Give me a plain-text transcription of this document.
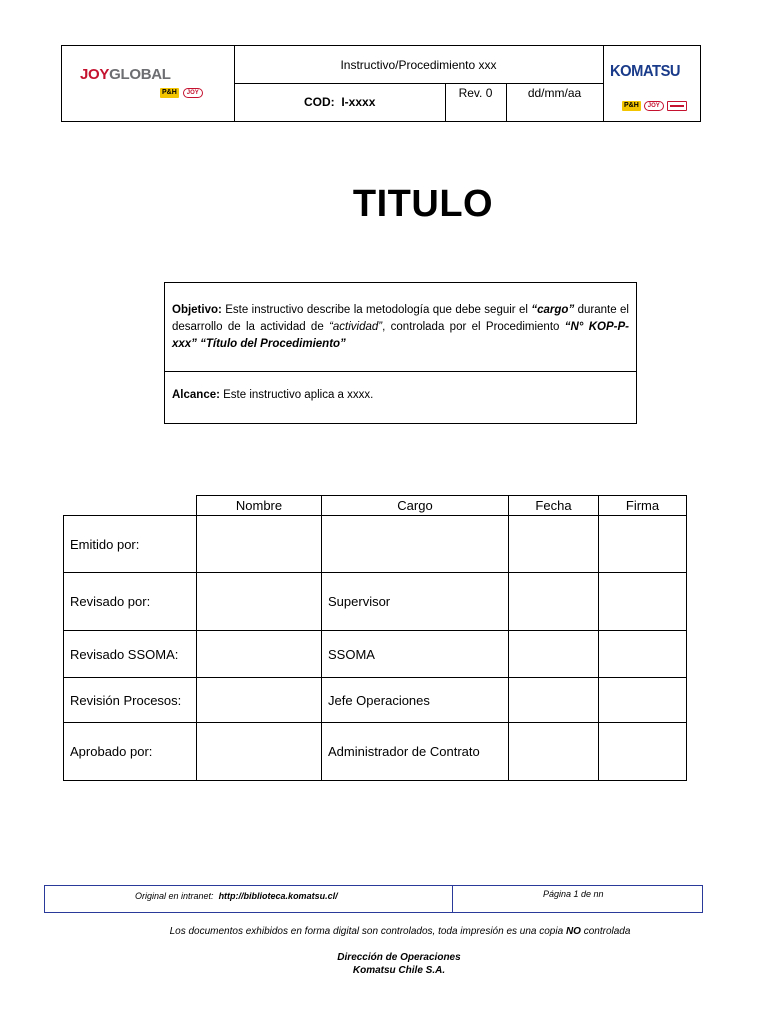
JOYGLOBAL
P&H	JOY
Instructivo/Procedimiento xxx
COD:
I-xxxx
Rev. 0	dd/mm/aa
KOMATSU
P&H	JOY
TITULO
Objetivo: Este instructivo describe la metodología que debe seguir el “cargo” durante el desarrollo de la actividad de “actividad”, controlada por el Procedimiento “N° KOP-P-xxx” “Título del Procedimiento”
Alcance: Este instructivo aplica a xxxx.
	Nombre	Cargo	Fecha	Firma
Emitido por:				
Revisado por:		Supervisor		
Revisado SSOMA:		SSOMA		
Revisión Procesos:		Jefe Operaciones		
Aprobado por:		Administrador de Contrato		
Original en intranet: http://biblioteca.komatsu.cl/	Página 1 de nn
Los documentos exhibidos en forma digital son controlados, toda impresión es una copia NO controlada
Dirección de Operaciones
Komatsu Chile S.A.
